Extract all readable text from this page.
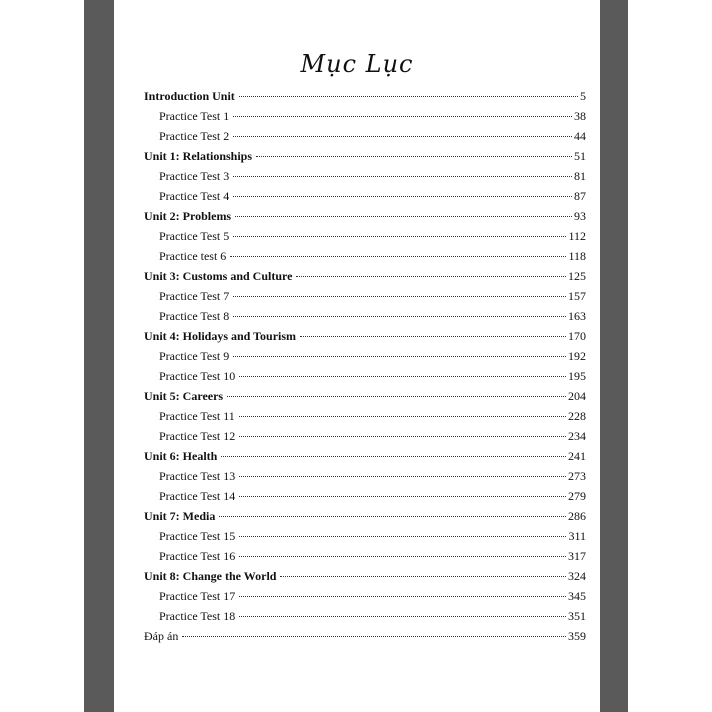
Mục Lục
Introduction Unit	5
Practice Test 1	38
Practice Test 2	44
Unit 1: Relationships	51
Practice Test 3	81
Practice Test 4	87
Unit 2: Problems	93
Practice Test 5	112
Practice test 6	118
Unit 3: Customs and Culture	125
Practice Test 7	157
Practice Test 8	163
Unit 4: Holidays and Tourism	170
Practice Test 9	192
Practice Test 10	195
Unit 5: Careers	204
Practice Test 11	228
Practice Test 12	234
Unit 6: Health	241
Practice Test 13	273
Practice Test 14	279
Unit 7: Media	286
Practice Test 15	311
Practice Test 16	317
Unit 8: Change the World	324
Practice Test 17	345
Practice Test 18	351
Đáp án	359
